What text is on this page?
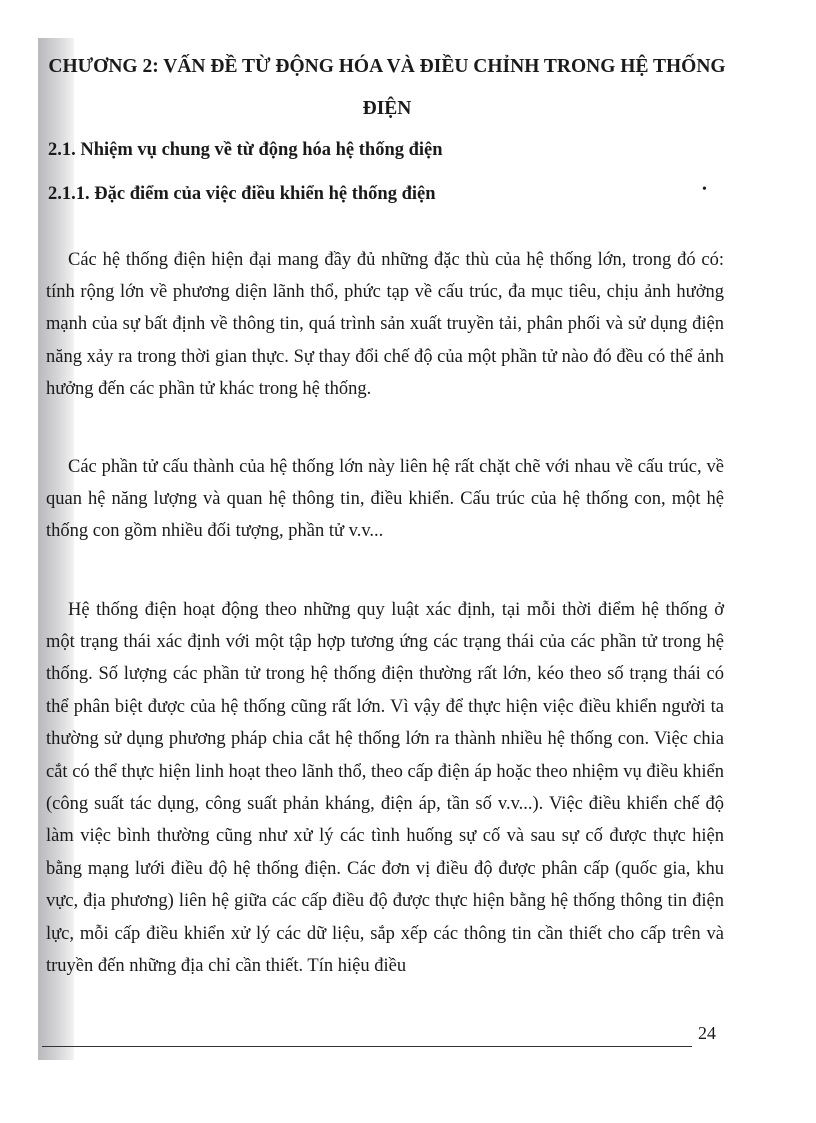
CHƯƠNG 2: VẤN ĐỀ TỪ ĐỘNG HÓA VÀ ĐIỀU CHỈNH TRONG HỆ THỐNG ĐIỆN
2.1. Nhiệm vụ chung về từ động hóa hệ thống điện
2.1.1. Đặc điểm của việc điều khiển hệ thống điện	•

Các hệ thống điện hiện đại mang đầy đủ những đặc thù của hệ thống lớn, trong đó có: tính rộng lớn về phương diện lãnh thổ, phức tạp về cấu trúc, đa mục tiêu, chịu ảnh hưởng mạnh của sự bất định về thông tin, quá trình sản xuất truyền tải, phân phối và sử dụng điện năng xảy ra trong thời gian thực. Sự thay đổi chế độ của một phần tử nào đó đều có thể ảnh hưởng đến các phần tử khác trong hệ thống.

Các phần tử cấu thành của hệ thống lớn này liên hệ rất chặt chẽ với nhau về cấu trúc, về quan hệ năng lượng và quan hệ thông tin, điều khiển. Cấu trúc của hệ thống con, một hệ thống con gồm nhiều đối tượng, phần tử v.v...

Hệ thống điện hoạt động theo những quy luật xác định, tại mỗi thời điểm hệ thống ở một trạng thái xác định với một tập hợp tương ứng các trạng thái của các phần tử trong hệ thống. Số lượng các phần tử trong hệ thống điện thường rất lớn, kéo theo số trạng thái có thể phân biệt được của hệ thống cũng rất lớn. Vì vậy để thực hiện việc điều khiển người ta thường sử dụng phương pháp chia cắt hệ thống lớn ra thành nhiều hệ thống con. Việc chia cắt có thể thực hiện linh hoạt theo lãnh thổ, theo cấp điện áp hoặc theo nhiệm vụ điều khiển (công suất tác dụng, công suất phản kháng, điện áp, tần số v.v...). Việc điều khiển chế độ làm việc bình thường cũng như xử lý các tình huống sự cố và sau sự cố được thực hiện bằng mạng lưới điều độ hệ thống điện. Các đơn vị điều độ được phân cấp (quốc gia, khu vực, địa phương) liên hệ giữa các cấp điều độ được thực hiện bằng hệ thống thông tin điện lực, mỗi cấp điều khiển xử lý các dữ liệu, sắp xếp các thông tin cần thiết cho cấp trên và truyền đến những địa chỉ cần thiết. Tín hiệu điều

24
